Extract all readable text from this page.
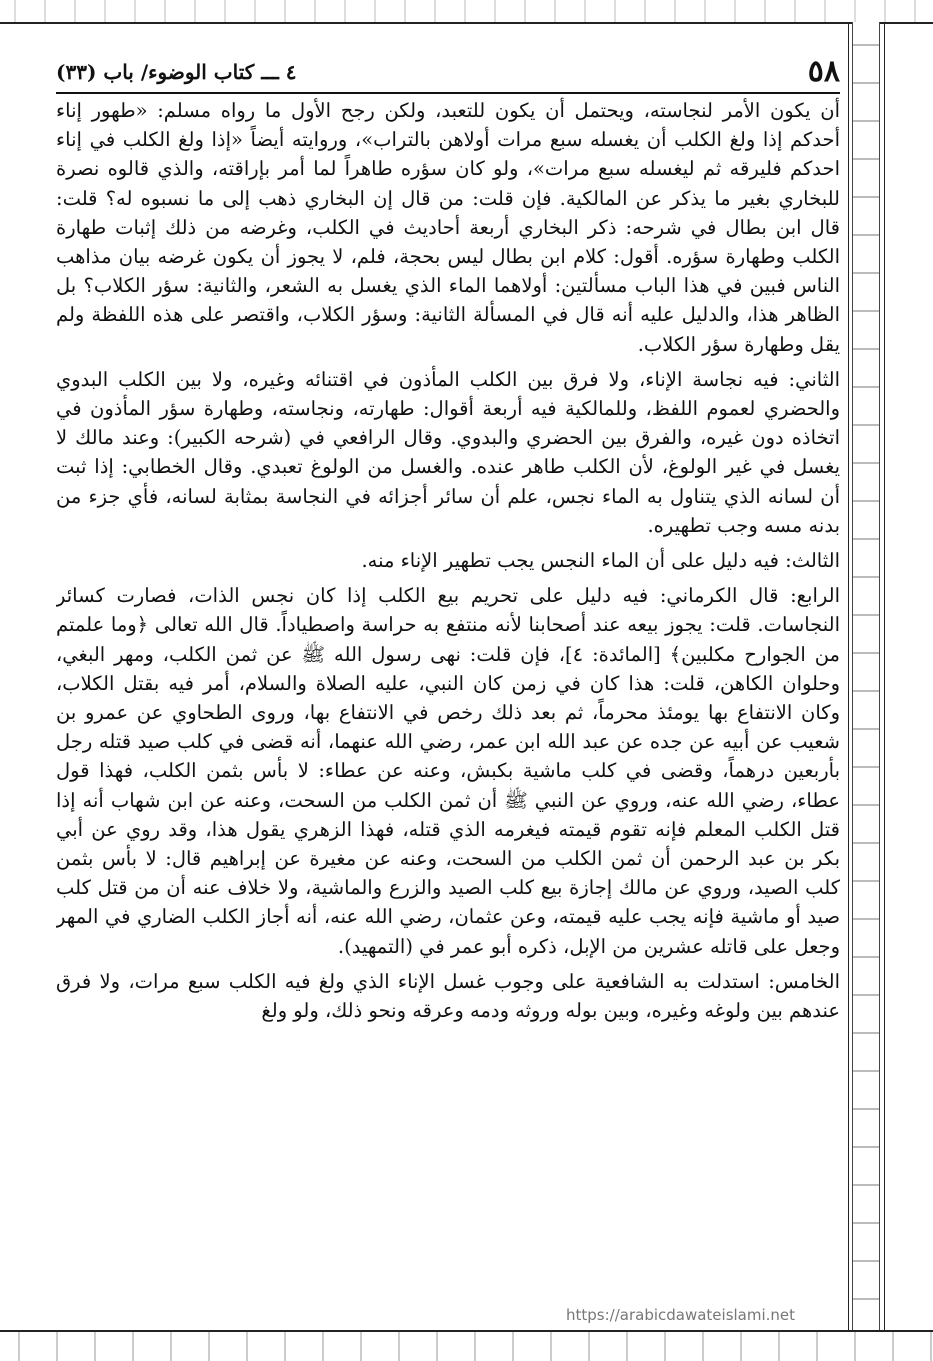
٥٨
٤ ـــ كتاب الوضوء/ باب (٣٣)

أن يكون الأمر لنجاسته، ويحتمل أن يكون للتعبد، ولكن رجح الأول ما رواه مسلم: «طهور إناء أحدكم إذا ولغ الكلب أن يغسله سبع مرات أولاهن بالتراب»، وروايته أيضاً «إذا ولغ الكلب في إناء احدكم فليرقه ثم ليغسله سبع مرات»، ولو كان سؤره طاهراً لما أمر بإراقته، والذي قالوه نصرة للبخاري بغير ما يذكر عن المالكية. فإن قلت: من قال إن البخاري ذهب إلى ما نسبوه له؟ قلت: قال ابن بطال في شرحه: ذكر البخاري أربعة أحاديث في الكلب، وغرضه من ذلك إثبات طهارة الكلب وطهارة سؤره. أقول: كلام ابن بطال ليس بحجة، فلم، لا يجوز أن يكون غرضه بيان مذاهب الناس فبين في هذا الباب مسألتين: أولاهما الماء الذي يغسل به الشعر، والثانية: سؤر الكلاب؟ بل الظاهر هذا، والدليل عليه أنه قال في المسألة الثانية: وسؤر الكلاب، واقتصر على هذه اللفظة ولم يقل وطهارة سؤر الكلاب.

الثاني: فيه نجاسة الإناء، ولا فرق بين الكلب المأذون في اقتنائه وغيره، ولا بين الكلب البدوي والحضري لعموم اللفظ، وللمالكية فيه أربعة أقوال: طهارته، ونجاسته، وطهارة سؤر المأذون في اتخاذه دون غيره، والفرق بين الحضري والبدوي. وقال الرافعي في (شرحه الكبير): وعند مالك لا يغسل في غير الولوغ، لأن الكلب طاهر عنده. والغسل من الولوغ تعبدي. وقال الخطابي: إذا ثبت أن لسانه الذي يتناول به الماء نجس، علم أن سائر أجزائه في النجاسة بمثابة لسانه، فأي جزء من بدنه مسه وجب تطهيره.

الثالث: فيه دليل على أن الماء النجس يجب تطهير الإناء منه.

الرابع: قال الكرماني: فيه دليل على تحريم بيع الكلب إذا كان نجس الذات، فصارت كسائر النجاسات. قلت: يجوز بيعه عند أصحابنا لأنه منتفع به حراسة واصطياداً. قال الله تعالى ﴿وما علمتم من الجوارح مكلبين﴾ [المائدة: ٤]، فإن قلت: نهى رسول الله ﷺ عن ثمن الكلب، ومهر البغي، وحلوان الكاهن، قلت: هذا كان في زمن كان النبي، عليه الصلاة والسلام، أمر فيه بقتل الكلاب، وكان الانتفاع بها يومئذ محرماً، ثم بعد ذلك رخص في الانتفاع بها، وروى الطحاوي عن عمرو بن شعيب عن أبيه عن جده عن عبد الله ابن عمر، رضي الله عنهما، أنه قضى في كلب صيد قتله رجل بأربعين درهماً، وقضى في كلب ماشية بكبش، وعنه عن عطاء: لا بأس بثمن الكلب، فهذا قول عطاء، رضي الله عنه، وروي عن النبي ﷺ أن ثمن الكلب من السحت، وعنه عن ابن شهاب أنه إذا قتل الكلب المعلم فإنه تقوم قيمته فيغرمه الذي قتله، فهذا الزهري يقول هذا، وقد روي عن أبي بكر بن عبد الرحمن أن ثمن الكلب من السحت، وعنه عن مغيرة عن إبراهيم قال: لا بأس بثمن كلب الصيد، وروي عن مالك إجازة بيع كلب الصيد والزرع والماشية، ولا خلاف عنه أن من قتل كلب صيد أو ماشية فإنه يجب عليه قيمته، وعن عثمان، رضي الله عنه، أنه أجاز الكلب الضاري في المهر وجعل على قاتله عشرين من الإبل، ذكره أبو عمر في (التمهيد).

الخامس: استدلت به الشافعية على وجوب غسل الإناء الذي ولغ فيه الكلب سبع مرات، ولا فرق عندهم بين ولوغه وغيره، وبين بوله وروثه ودمه وعرقه ونحو ذلك، ولو ولغ

https://arabicdawateislami.net
